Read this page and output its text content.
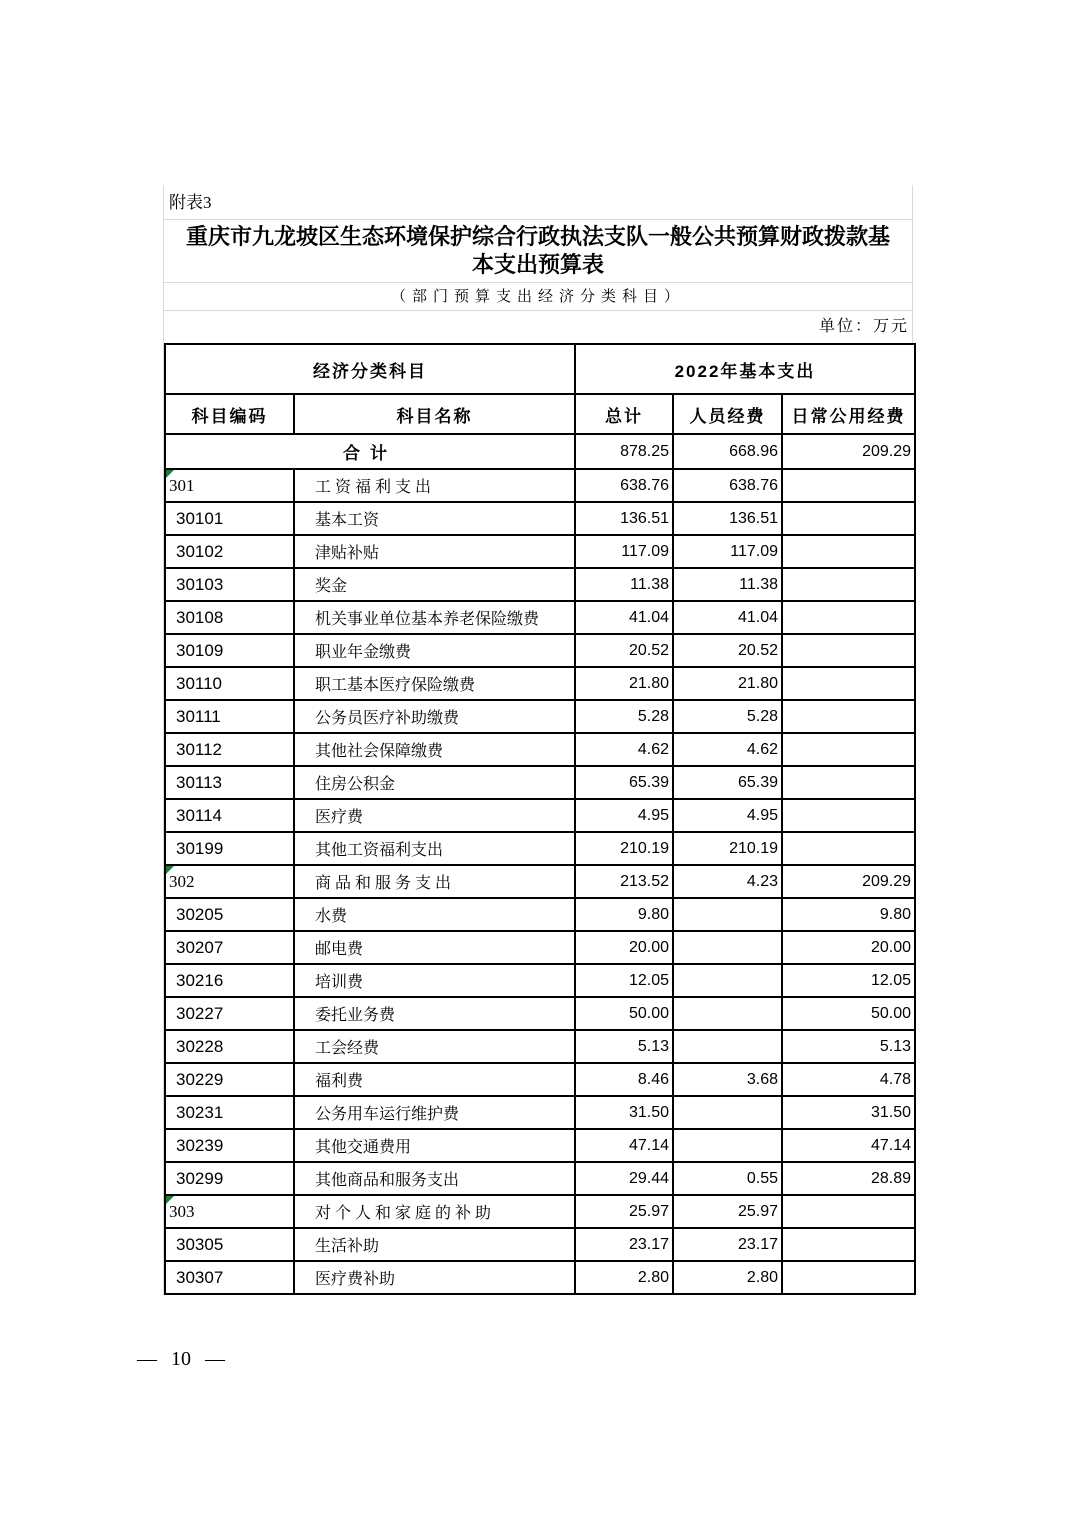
附表3
重庆市九龙坡区生态环境保护综合行政执法支队一般公共预算财政拨款基本支出预算表
（部门预算支出经济分类科目）
单位：万元
经济分类科目		2022年基本支出		
科目编码	科目名称	总计	人员经费	日常公用经费
合计		878.25	668.96	209.29
301	工资福利支出	638.76	638.76	
30101	基本工资	136.51	136.51	
30102	津贴补贴	117.09	117.09	
30103	奖金	11.38	11.38	
30108	机关事业单位基本养老保险缴费	41.04	41.04	
30109	职业年金缴费	20.52	20.52	
30110	职工基本医疗保险缴费	21.80	21.80	
30111	公务员医疗补助缴费	5.28	5.28	
30112	其他社会保障缴费	4.62	4.62	
30113	住房公积金	65.39	65.39	
30114	医疗费	4.95	4.95	
30199	其他工资福利支出	210.19	210.19	
302	商品和服务支出	213.52	4.23	209.29
30205	水费	9.80		9.80
30207	邮电费	20.00		20.00
30216	培训费	12.05		12.05
30227	委托业务费	50.00		50.00
30228	工会经费	5.13		5.13
30229	福利费	8.46	3.68	4.78
30231	公务用车运行维护费	31.50		31.50
30239	其他交通费用	47.14		47.14
30299	其他商品和服务支出	29.44	0.55	28.89
303	对个人和家庭的补助	25.97	25.97	
30305	生活补助	23.17	23.17	
30307	医疗费补助	2.80	2.80	
— 10 —
